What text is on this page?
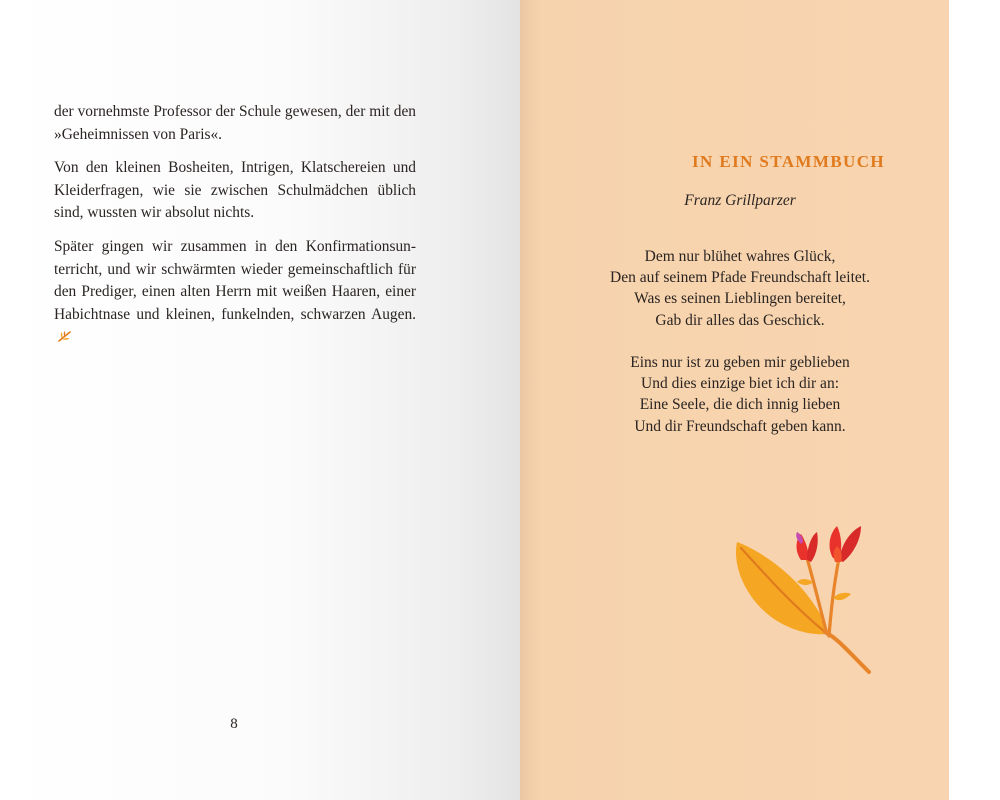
der vornehmste Professor der Schule gewesen, der mit den »Geheimnissen von Paris«.

Von den kleinen Bosheiten, Intrigen, Klatschereien und Kleiderfragen, wie sie zwischen Schulmädchen üblich sind, wussten wir absolut nichts.

Später gingen wir zusammen in den Konfirmationsun-terricht, und wir schwärmten wieder gemeinschaftlich für den Prediger, einen alten Herrn mit weißen Haaren, einer Habichtnase und kleinen, funkelnden, schwarzen Augen.

8
IN EIN STAMMBUCH
Franz Grillparzer
Dem nur blühet wahres Glück,
Den auf seinem Pfade Freundschaft leitet.
Was es seinen Lieblingen bereitet,
Gab dir alles das Geschick.
Eins nur ist zu geben mir geblieben
Und dies einzige biet ich dir an:
Eine Seele, die dich innig lieben
Und dir Freundschaft geben kann.
